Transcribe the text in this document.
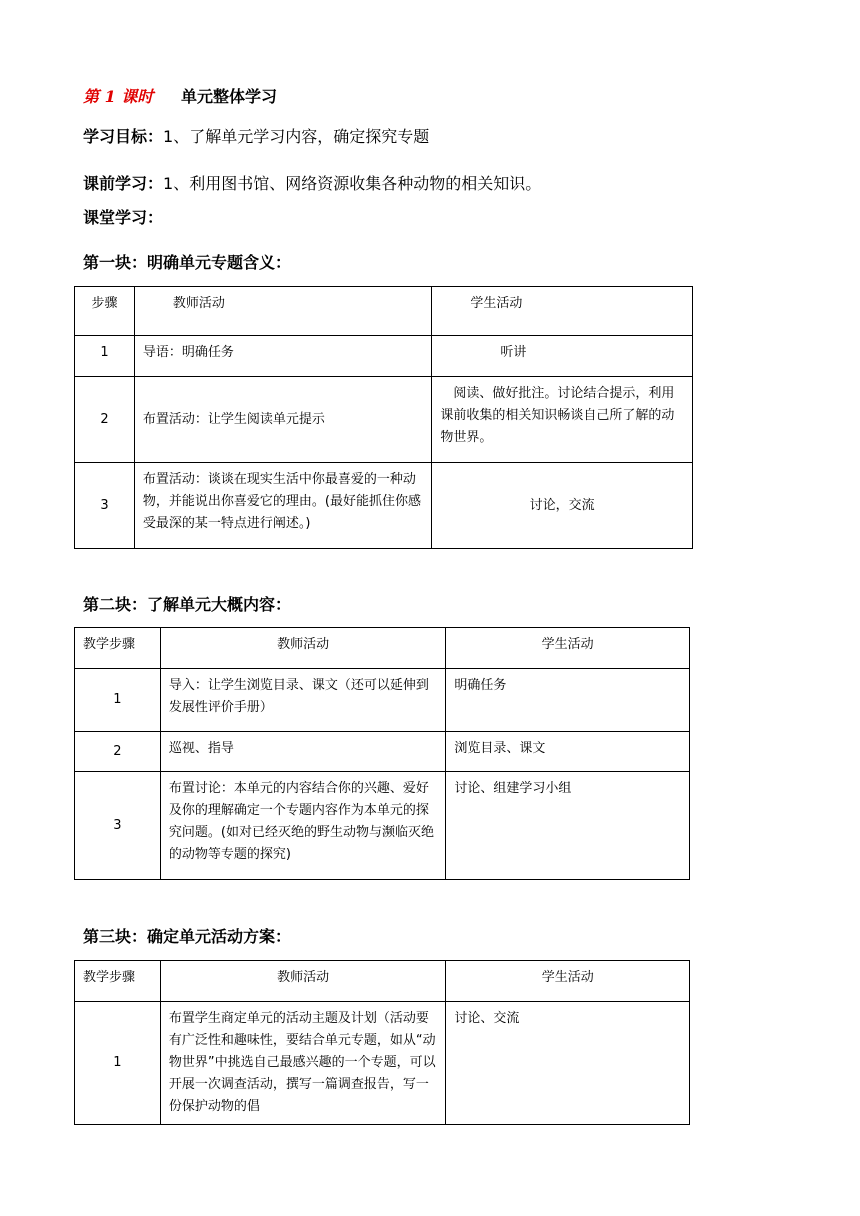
第 1 课时 单元整体学习
学习目标：1、了解单元学习内容，确定探究专题
课前学习：1、利用图书馆、网络资源收集各种动物的相关知识。
课堂学习：
第一块：明确单元专题含义：
步骤	教师活动	学生活动
1	导语：明确任务	听讲
2	布置活动：让学生阅读单元提示	阅读、做好批注。讨论结合提示，利用课前收集的相关知识畅谈自己所了解的动物世界。
3	布置活动：谈谈在现实生活中你最喜爱的一种动物，并能说出你喜爱它的理由。(最好能抓住你感受最深的某一特点进行阐述。)	讨论，交流
第二块：了解单元大概内容：
教学步骤	教师活动	学生活动
1	导入：让学生浏览目录、课文（还可以延伸到发展性评价手册）	明确任务
2	巡视、指导	浏览目录、课文
3	布置讨论：本单元的内容结合你的兴趣、爱好及你的理解确定一个专题内容作为本单元的探究问题。(如对已经灭绝的野生动物与濒临灭绝的动物等专题的探究)	讨论、组建学习小组
第三块：确定单元活动方案：
教学步骤	教师活动	学生活动
1	布置学生商定单元的活动主题及计划（活动要有广泛性和趣味性，要结合单元专题，如从“动物世界”中挑选自己最感兴趣的一个专题，可以开展一次调查活动，撰写一篇调查报告，写一份保护动物的倡	讨论、交流
